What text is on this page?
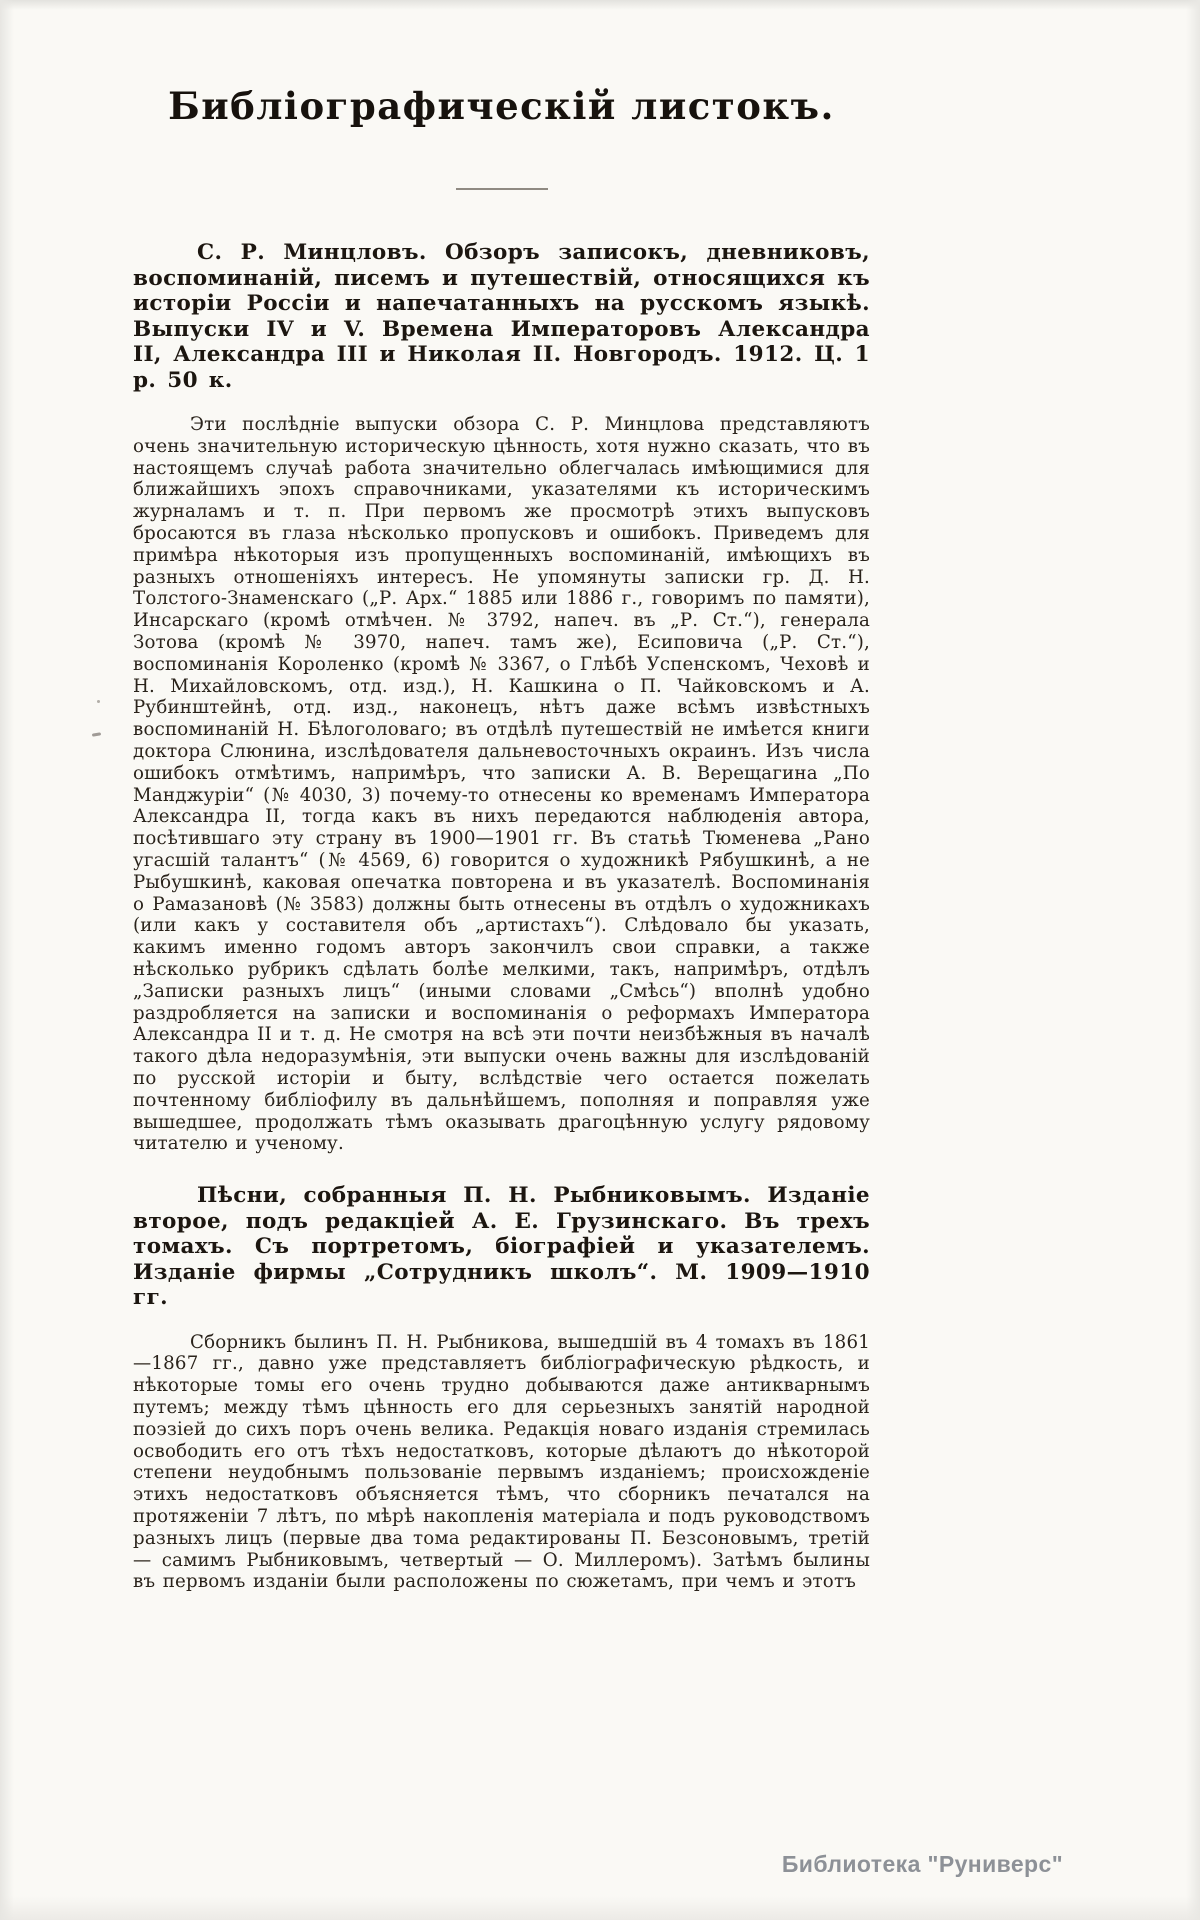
Библіографическій листокъ.

С. Р. Минцловъ. Обзоръ записокъ, дневниковъ, воспоминаній, писемъ и путешествій, относящихся къ исторіи Россіи и напечатанныхъ на русскомъ языкѣ. Выпуски IV и V. Времена Императоровъ Александра II, Александра III и Николая II. Новгородъ. 1912. Ц. 1 р. 50 к.

Эти послѣдніе выпуски обзора С. Р. Минцлова представляютъ очень значительную историческую цѣнность, хотя нужно сказать, что въ настоящемъ случаѣ работа значительно облегчалась имѣющимися для ближайшихъ эпохъ справочниками, указателями къ историческимъ журналамъ и т. п. При первомъ же просмотрѣ этихъ выпусковъ бросаются въ глаза нѣсколько пропусковъ и ошибокъ. Приведемъ для примѣра нѣкоторыя изъ пропущенныхъ воспоминаній, имѣющихъ въ разныхъ отношеніяхъ интересъ. Не упомянуты записки гр. Д. Н. Толстого-Знаменскаго („Р. Арх.“ 1885 или 1886 г., говоримъ по памяти), Инсарскаго (кромѣ отмѣчен. № 3792, напеч. въ „Р. Ст.“), генерала Зотова (кромѣ № 3970, напеч. тамъ же), Есиповича („Р. Ст.“), воспоминанія Короленко (кромѣ № 3367, о Глѣбѣ Успенскомъ, Чеховѣ и Н. Михайловскомъ, отд. изд.), Н. Кашкина о П. Чайковскомъ и А. Рубинштейнѣ, отд. изд., наконецъ, нѣтъ даже всѣмъ извѣстныхъ воспоминаній Н. Бѣлоголоваго; въ отдѣлѣ путешествій не имѣется книги доктора Слюнина, изслѣдователя дальневосточныхъ окраинъ. Изъ числа ошибокъ отмѣтимъ, напримѣръ, что записки А. В. Верещагина „По Манджуріи“ (№ 4030, 3) почему-то отнесены ко временамъ Императора Александра II, тогда какъ въ нихъ передаются наблюденія автора, посѣтившаго эту страну въ 1900—1901 гг. Въ статьѣ Тюменева „Рано угасшій талантъ“ (№ 4569, 6) говорится о художникѣ Рябушкинѣ, а не Рыбушкинѣ, каковая опечатка повторена и въ указателѣ. Воспоминанія о Рамазановѣ (№ 3583) должны быть отнесены въ отдѣлъ о художникахъ (или какъ у составителя объ „артистахъ“). Слѣдовало бы указать, какимъ именно годомъ авторъ закончилъ свои справки, а также нѣсколько рубрикъ сдѣлать болѣе мелкими, такъ, напримѣръ, отдѣлъ „Записки разныхъ лицъ“ (иными словами „Смѣсь“) вполнѣ удобно раздробляется на записки и воспоминанія о реформахъ Императора Александра II и т. д. Не смотря на всѣ эти почти неизбѣжныя въ началѣ такого дѣла недоразумѣнія, эти выпуски очень важны для изслѣдованій по русской исторіи и быту, вслѣдствіе чего остается пожелать почтенному библіофилу въ дальнѣйшемъ, пополняя и поправляя уже вышедшее, продолжать тѣмъ оказывать драгоцѣнную услугу рядовому читателю и ученому.

Пѣсни, собранныя П. Н. Рыбниковымъ. Изданіе второе, подъ редакціей А. Е. Грузинскаго. Въ трехъ томахъ. Съ портретомъ, біографіей и указателемъ. Изданіе фирмы „Сотрудникъ школъ“. М. 1909—1910 гг.

Сборникъ былинъ П. Н. Рыбникова, вышедшій въ 4 томахъ въ 1861—1867 гг., давно уже представляетъ библіографическую рѣдкость, и нѣкоторые томы его очень трудно добываются даже антикварнымъ путемъ; между тѣмъ цѣнность его для серьезныхъ занятій народной поэзіей до сихъ поръ очень велика. Редакція новаго изданія стремилась освободить его отъ тѣхъ недостатковъ, которые дѣлаютъ до нѣкоторой степени неудобнымъ пользованіе первымъ изданіемъ; происхожденіе этихъ недостатковъ объясняется тѣмъ, что сборникъ печатался на протяженіи 7 лѣтъ, по мѣрѣ накопленія матеріала и подъ руководствомъ разныхъ лицъ (первые два тома редактированы П. Безсоновымъ, третій — самимъ Рыбниковымъ, четвертый — О. Миллеромъ). Затѣмъ былины въ первомъ изданіи были расположены по сюжетамъ, при чемъ и этотъ

Библиотека "Руниверс"
